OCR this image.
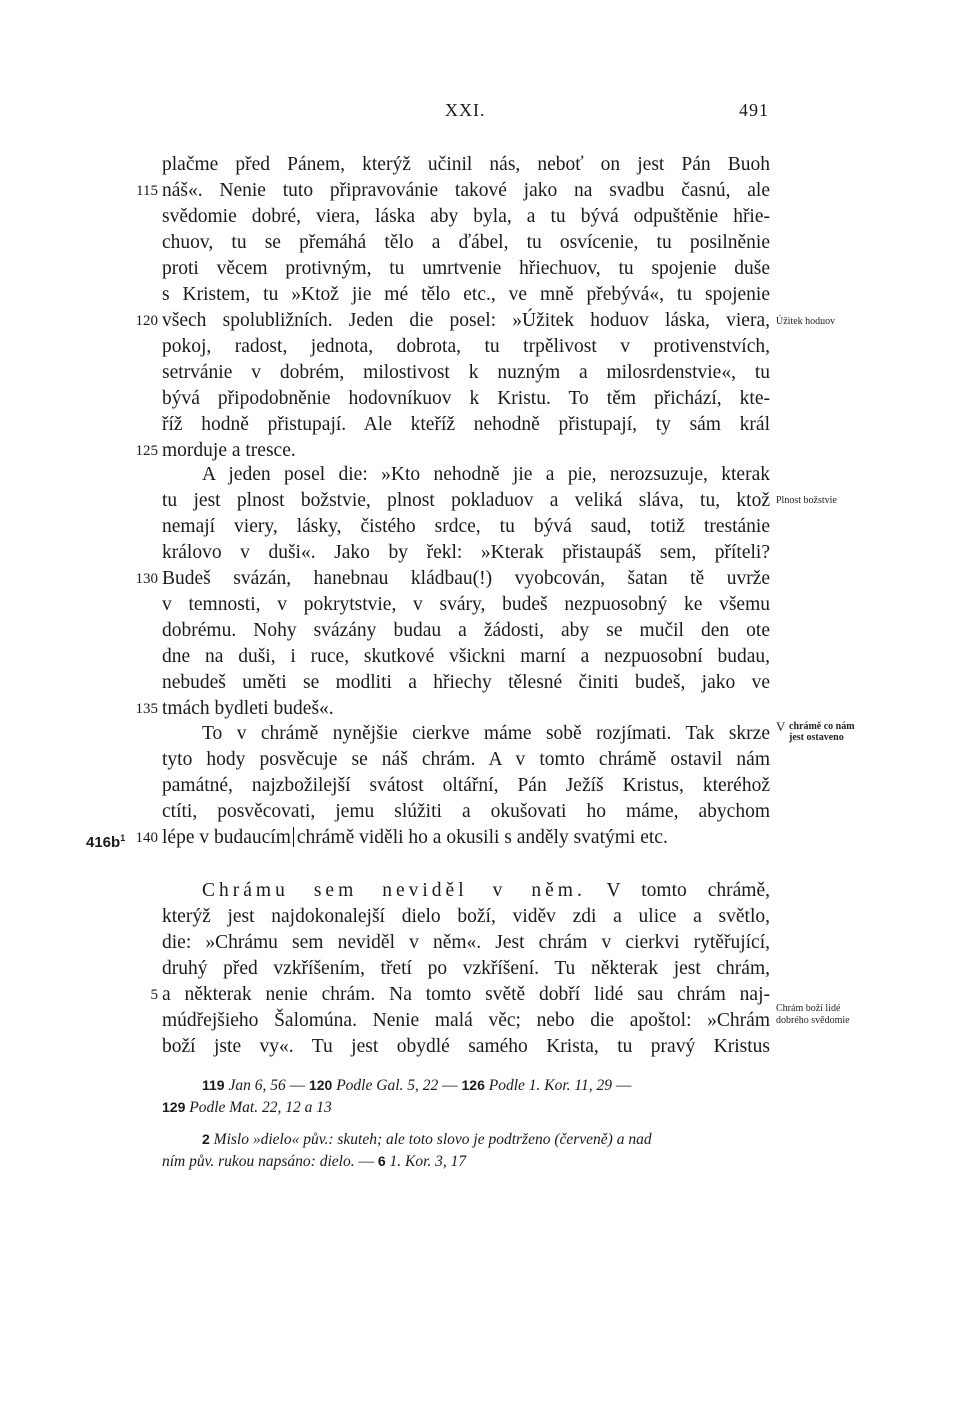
XXI.	491
plačme před Pánem, kterýž učinil nás, neboť on jest Pán Buoh
náš«. Nenie tuto připravovánie takové jako na svadbu časnú, ale
svědomie dobré, viera, láska aby byla, a tu bývá odpuštěnie hřie-
chuov, tu se přemáhá tělo a ďábel, tu osvícenie, tu posilněnie
proti věcem protivným, tu umrtvenie hřiechuov, tu spojenie duše
s Kristem, tu »Ktož jie mé tělo etc., ve mně přebývá«, tu spojenie
všech spolubližních. Jeden die posel: »Úžitek hoduov láska, viera,
pokoj, radost, jednota, dobrota, tu trpělivost v protivenstvích,
setrvánie v dobrém, milostivost k nuzným a milosrdenstvie«, tu
bývá připodobněnie hodovníkuov k Kristu. To těm přichází, kte-
říž hodně přistupají. Ale kteříž nehodně přistupají, ty sám král
morduje a tresce.
A jeden posel die: »Kto nehodně jie a pie, nerozsuzuje, kterak
tu jest plnost božstvie, plnost pokladuov a veliká sláva, tu, ktož
nemají viery, lásky, čistého srdce, tu bývá saud, totiž trestánie
královo v duši«. Jako by řekl: »Kterak přistaupáš sem, příteli?
Budeš svázán, hanebnau kládbau(!) vyobcován, šatan tě uvrže
v temnosti, v pokrytstvie, v sváry, budeš nezpuosobný ke všemu
dobrému. Nohy svázány budau a žádosti, aby se mučil den ote
dne na duši, i ruce, skutkové všickni marní a nezpuosobní budau,
nebudeš uměti se modliti a hřiechy tělesné činiti budeš, jako ve
tmách bydleti budeš«.
To v chrámě nynějšie cierkve máme sobě rozjímati. Tak skrze
tyto hody posvěcuje se náš chrám. A v tomto chrámě ostavil nám
památné, najzbožilejší svátost oltářní, Pán Ježíš Kristus, kteréhož
ctíti, posvěcovati, jemu slúžiti a okušovati ho máme, abychom
lépe v budaucím chrámě viděli ho a okusili s anděly svatými etc.
Chrámu sem neviděl v něm. V tomto chrámě,
kterýž jest najdokonalejší dielo boží, viděv zdi a ulice a světlo,
die: »Chrámu sem neviděl v něm«. Jest chrám v cierkvi rytěřující,
druhý před vzkříšením, třetí po vzkříšení. Tu některak jest chrám,
a některak nenie chrám. Na tomto světě dobří lidé sau chrám naj-
múdřejšieho Šalomúna. Nenie malá věc; nebo die apoštol: »Chrám
boží jste vy«. Tu jest obydlé samého Krista, tu pravý Kristus
115
120
125
130
135
140
5
$416b^1$
Úžitek hoduov
Plnost božstvie
V chrámě co nám
jest ostaveno
Chrám boží lidé
dobrého svědomie
119 Jan 6, 56 — 120 Podle Gal. 5, 22 — 126 Podle 1. Kor. 11, 29 —
129 Podle Mat. 22, 12 a 13
2 Mislo »dielo« pův.: skuteh; ale toto slovo je podtrženo (červeně) a nad
ním pův. rukou napsáno: dielo. — 6 1. Kor. 3, 17
